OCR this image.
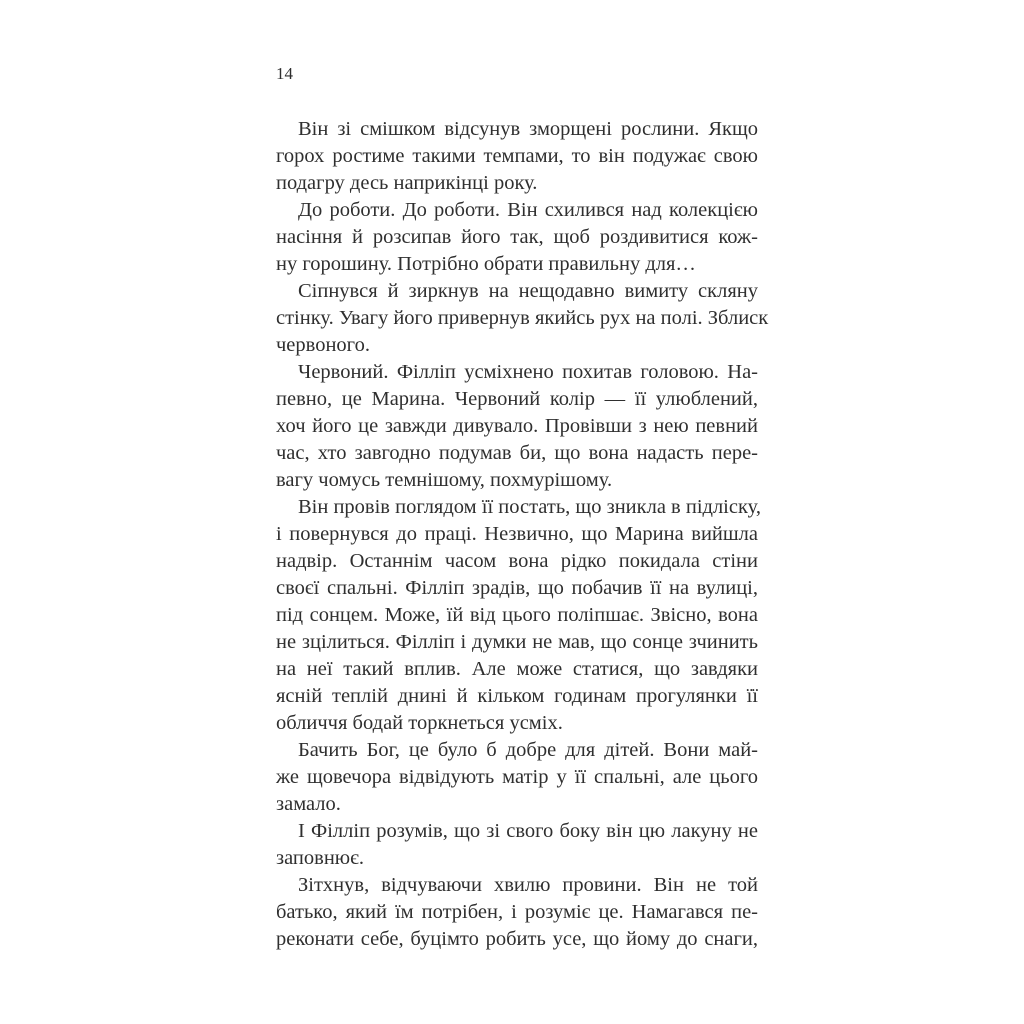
14
Він зі смішком відсунув зморщені рослини. Якщо
горох ростиме такими темпами, то він подужає свою
подагру десь наприкінці року.
До роботи. До роботи. Він схилився над колекцією
насіння й розсипав його так, щоб роздивитися кож-
ну горошину. Потрібно обрати правильну для…
Сіпнувся й зиркнув на нещодавно вимиту скляну
стінку. Увагу його привернув якийсь рух на полі. Зблиск
червоного.
Червоний. Філліп усміхнено похитав головою. На-
певно, це Марина. Червоний колір — її улюблений,
хоч його це завжди дивувало. Провівши з нею певний
час, хто завгодно подумав би, що вона надасть пере-
вагу чомусь темнішому, похмурішому.
Він провів поглядом її постать, що зникла в підліску,
і повернувся до праці. Незвично, що Марина вийшла
надвір. Останнім часом вона рідко покидала стіни
своєї спальні. Філліп зрадів, що побачив її на вулиці,
під сонцем. Може, їй від цього поліпшає. Звісно, вона
не зцілиться. Філліп і думки не мав, що сонце зчинить
на неї такий вплив. Але може статися, що завдяки
ясній теплій днині й кільком годинам прогулянки її
обличчя бодай торкнеться усміх.
Бачить Бог, це було б добре для дітей. Вони май-
же щовечора відвідують матір у її спальні, але цього
замало.
І Філліп розумів, що зі свого боку він цю лакуну не
заповнює.
Зітхнув, відчуваючи хвилю провини. Він не той
батько, який їм потрібен, і розуміє це. Намагався пе-
реконати себе, буцімто робить усе, що йому до снаги,
